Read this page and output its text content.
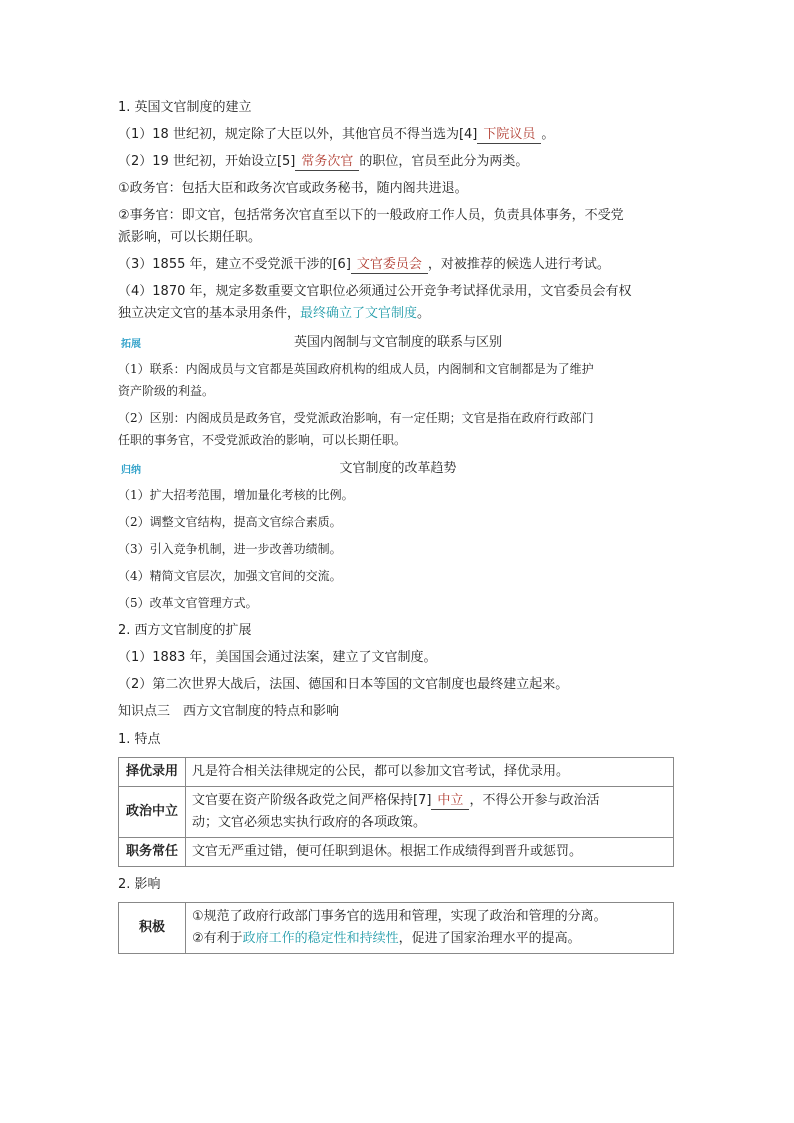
1. 英国文官制度的建立
（1）18 世纪初，规定除了大臣以外，其他官员不得当选为[4] 下院议员 。
（2）19 世纪初，开始设立[5] 常务次官 的职位，官员至此分为两类。
①政务官：包括大臣和政务次官或政务秘书，随内阁共进退。
②事务官：即文官，包括常务次官直至以下的一般政府工作人员，负责具体事务，不受党
派影响，可以长期任职。
（3）1855 年，建立不受党派干涉的[6] 文官委员会 ，对被推荐的候选人进行考试。
（4）1870 年，规定多数重要文官职位必须通过公开竞争考试择优录用，文官委员会有权
独立决定文官的基本录用条件，最终确立了文官制度。
拓展	英国内阁制与文官制度的联系与区别
（1）联系：内阁成员与文官都是英国政府机构的组成人员，内阁制和文官制都是为了维护
资产阶级的利益。
（2）区别：内阁成员是政务官，受党派政治影响，有一定任期；文官是指在政府行政部门
任职的事务官，不受党派政治的影响，可以长期任职。
归纳	文官制度的改革趋势
（1）扩大招考范围，增加量化考核的比例。
（2）调整文官结构，提高文官综合素质。
（3）引入竞争机制，进一步改善功绩制。
（4）精简文官层次，加强文官间的交流。
（5）改革文官管理方式。
2. 西方文官制度的扩展
（1）1883 年，美国国会通过法案，建立了文官制度。
（2）第二次世界大战后，法国、德国和日本等国的文官制度也最终建立起来。
知识点三　西方文官制度的特点和影响
1. 特点
择优录用	凡是符合相关法律规定的公民，都可以参加文官考试，择优录用。
政治中立	文官要在资产阶级各政党之间严格保持[7] 中立 ，不得公开参与政治活
动；文官必须忠实执行政府的各项政策。
职务常任	文官无严重过错，便可任职到退休。根据工作成绩得到晋升或惩罚。
2. 影响
积极	①规范了政府行政部门事务官的选用和管理，实现了政治和管理的分离。
②有利于政府工作的稳定性和持续性，促进了国家治理水平的提高。
